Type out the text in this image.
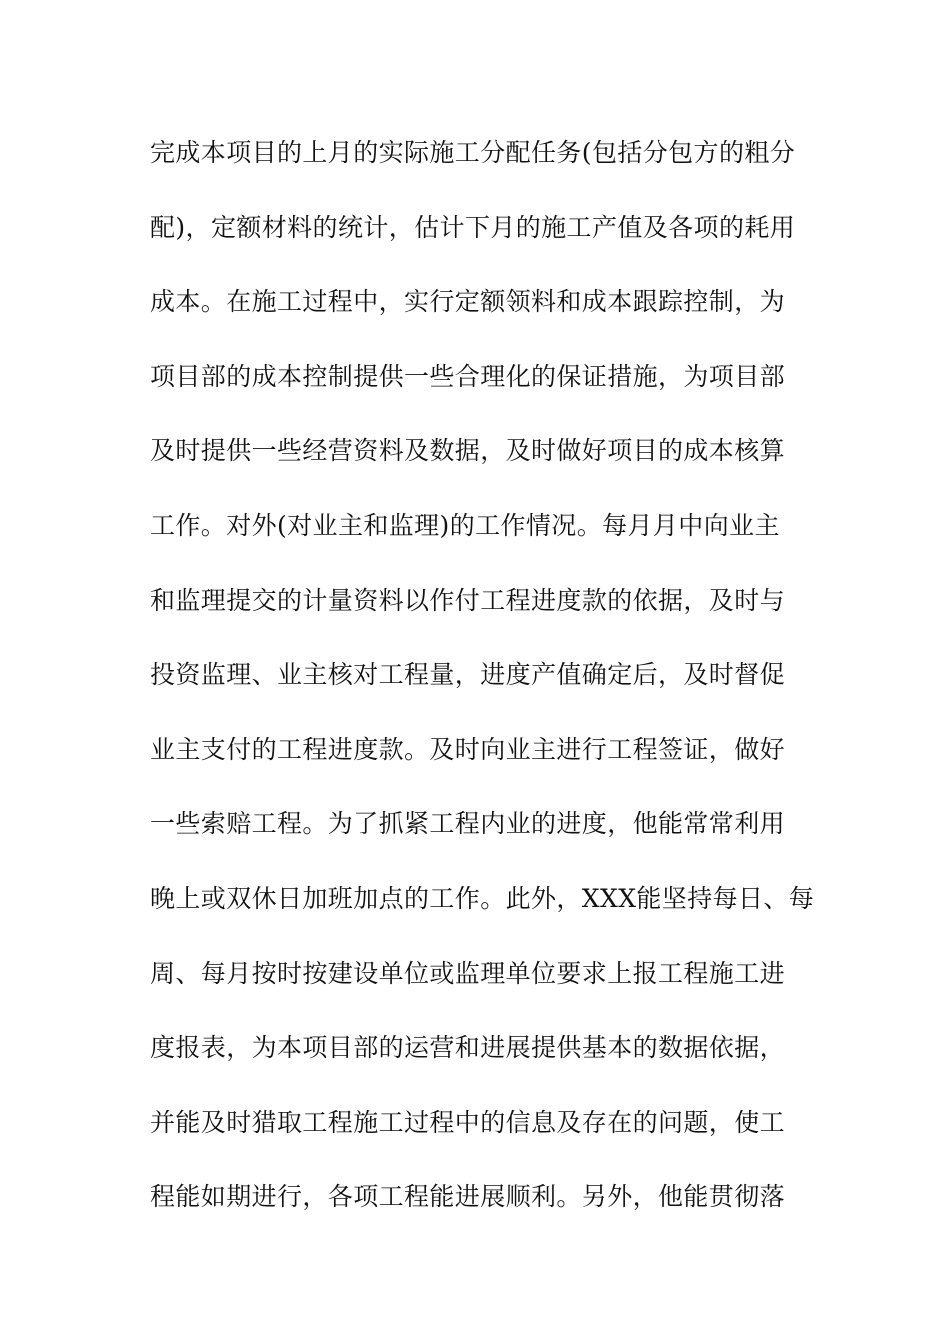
完成本项目的上月的实际施工分配任务(包括分包方的粗分
配)，定额材料的统计，估计下月的施工产值及各项的耗用
成本。在施工过程中，实行定额领料和成本跟踪控制，为
项目部的成本控制提供一些合理化的保证措施，为项目部
及时提供一些经营资料及数据，及时做好项目的成本核算
工作。对外(对业主和监理)的工作情况。每月月中向业主
和监理提交的计量资料以作付工程进度款的依据，及时与
投资监理、业主核对工程量，进度产值确定后，及时督促
业主支付的工程进度款。及时向业主进行工程签证，做好
一些索赔工程。为了抓紧工程内业的进度，他能常常利用
晚上或双休日加班加点的工作。此外，XXX能坚持每日、每
周、每月按时按建设单位或监理单位要求上报工程施工进
度报表，为本项目部的运营和进展提供基本的数据依据，
并能及时猎取工程施工过程中的信息及存在的问题，使工
程能如期进行，各项工程能进展顺利。另外，他能贯彻落
